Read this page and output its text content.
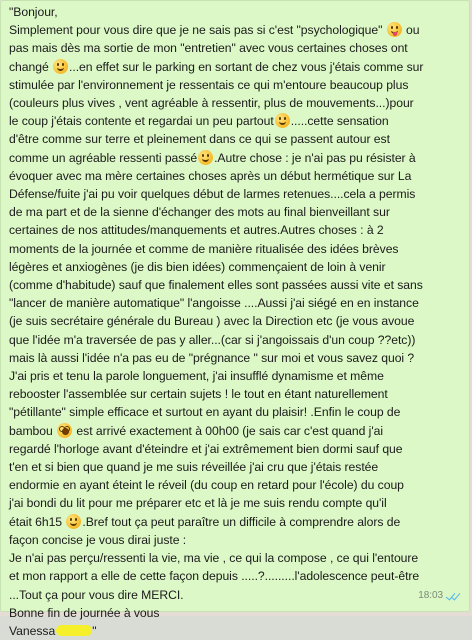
"Bonjour,
Simplement pour vous dire que je ne sais pas si c'est "psychologique"
ou
pas mais dès ma sortie de mon "entretien" avec vous certaines choses ont
changé
...en effet sur le parking en sortant de chez vous j'étais comme sur
stimulée par l'environnement je ressentais ce qui m'entoure beaucoup plus
(couleurs plus vives , vent agréable à ressentir, plus de mouvements...)pour
le coup j'étais contente et regardai un peu partout .....cette sensation
d'être comme sur terre et pleinement dans ce qui se passent autour est
comme un agréable ressenti passé .Autre chose : je n'ai pas pu résister à
évoquer avec ma mère certaines choses après un début hermétique sur La
Défense/fuite j'ai pu voir quelques début de larmes retenues....cela a permis
de ma part et de la sienne d'échanger des mots au final bienveillant sur
certaines de nos attitudes/manquements et autres.Autres choses : à 2
moments de la journée et comme de manière ritualisée des idées brèves
légères et anxiogènes (je dis bien idées) commençaient de loin à venir
(comme d'habitude) sauf que finalement elles sont passées aussi vite et sans
"lancer de manière automatique" l'angoisse ....Aussi j'ai siégé en en instance
(je suis secrétaire générale du Bureau ) avec la Direction etc (je vous avoue
que l'idée m'a traversée de pas y aller...(car si j'angoissais d'un coup ??etc))
mais là aussi l'idée n'a pas eu de "prégnance " sur moi et vous savez quoi ?
J'ai pris et tenu la parole longuement, j'ai insufflé dynamisme et même
rebooster l'assemblée sur certain sujets ! le tout en étant naturellement
"pétillante" simple efficace et surtout en ayant du plaisir! .Enfin le coup de
bambou
est arrivé exactement à 00h00 (je sais car c'est quand j'ai
regardé l'horloge avant d'éteindre et j'ai extrêmement bien dormi sauf que
t'en et si bien que quand je me suis réveillée j'ai cru que j'étais restée
endormie en ayant éteint le réveil (du coup en retard pour l'école) du coup
j'ai bondi du lit pour me préparer etc et là je me suis rendu compte qu'il
était 6h15
.Bref tout ça peut paraître un difficile à comprendre alors de
façon concise je vous dirai juste :
Je n'ai pas perçu/ressenti la vie, ma vie , ce qui la compose , ce qui l'entoure
et mon rapport a elle de cette façon depuis .....?.........l'adolescence peut-être
...Tout ça pour vous dire MERCI.
Bonne fin de journée à vous
Vanessa	"
18:03
